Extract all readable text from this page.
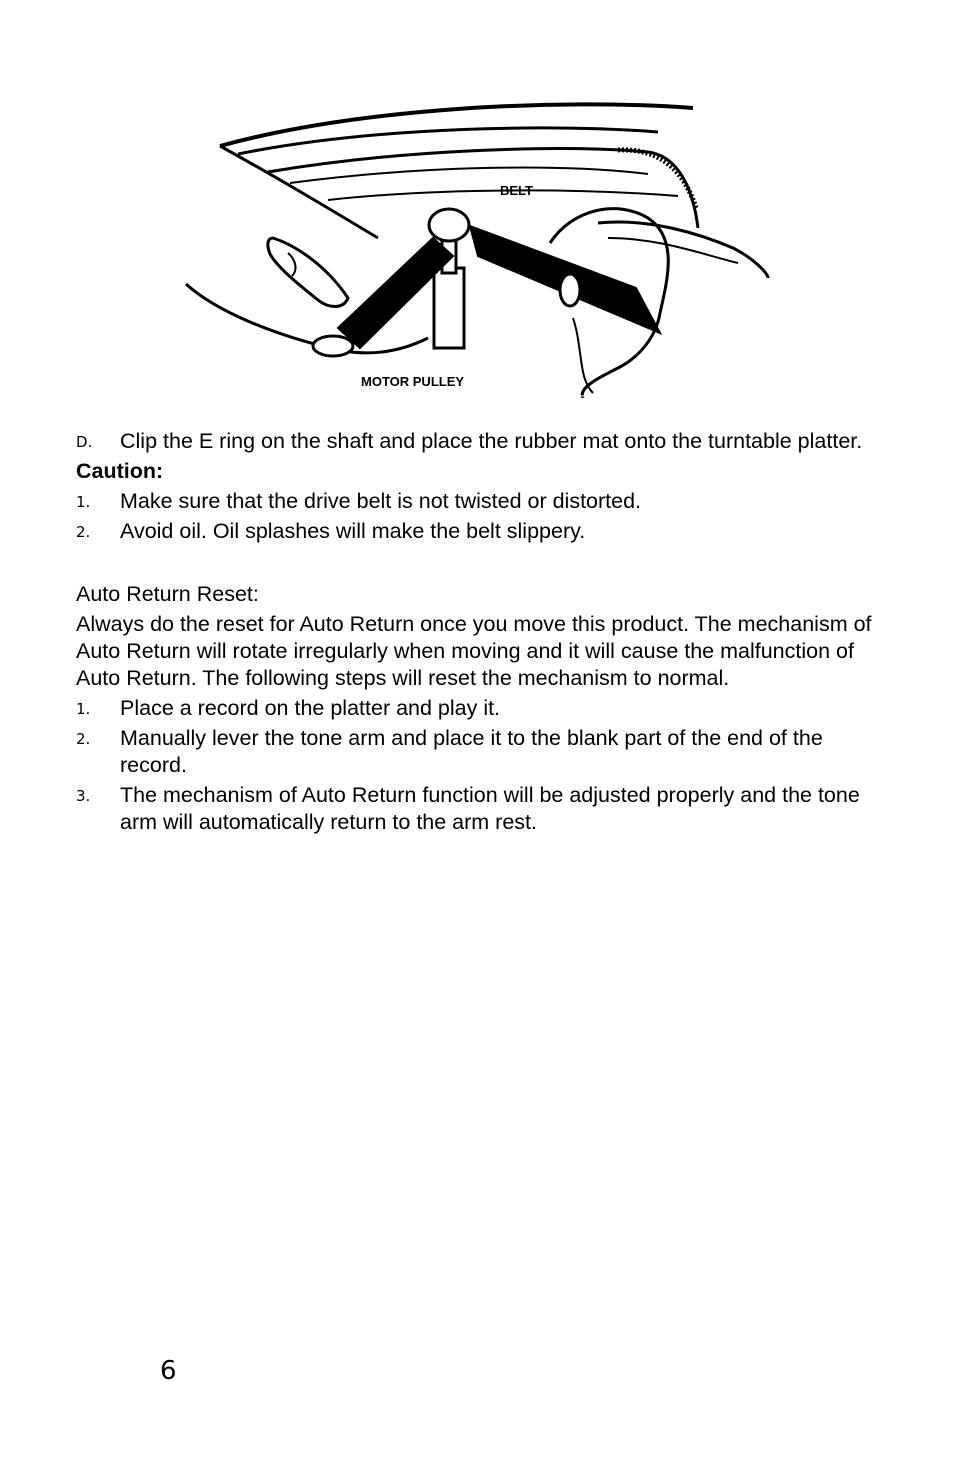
BELT
MOTOR PULLEY
D. Clip the E ring on the shaft and place the rubber mat onto the turntable platter.
Caution:
1. Make sure that the drive belt is not twisted or distorted.
2. Avoid oil. Oil splashes will make the belt slippery.
Auto Return Reset:
Always do the reset for Auto Return once you move this product. The mechanism of Auto Return will rotate irregularly when moving and it will cause the malfunction of Auto Return. The following steps will reset the mechanism to normal.
1. Place a record on the platter and play it.
2. Manually lever the tone arm and place it to the blank part of the end of the record.
3. The mechanism of Auto Return function will be adjusted properly and the tone arm will automatically return to the arm rest.
6
